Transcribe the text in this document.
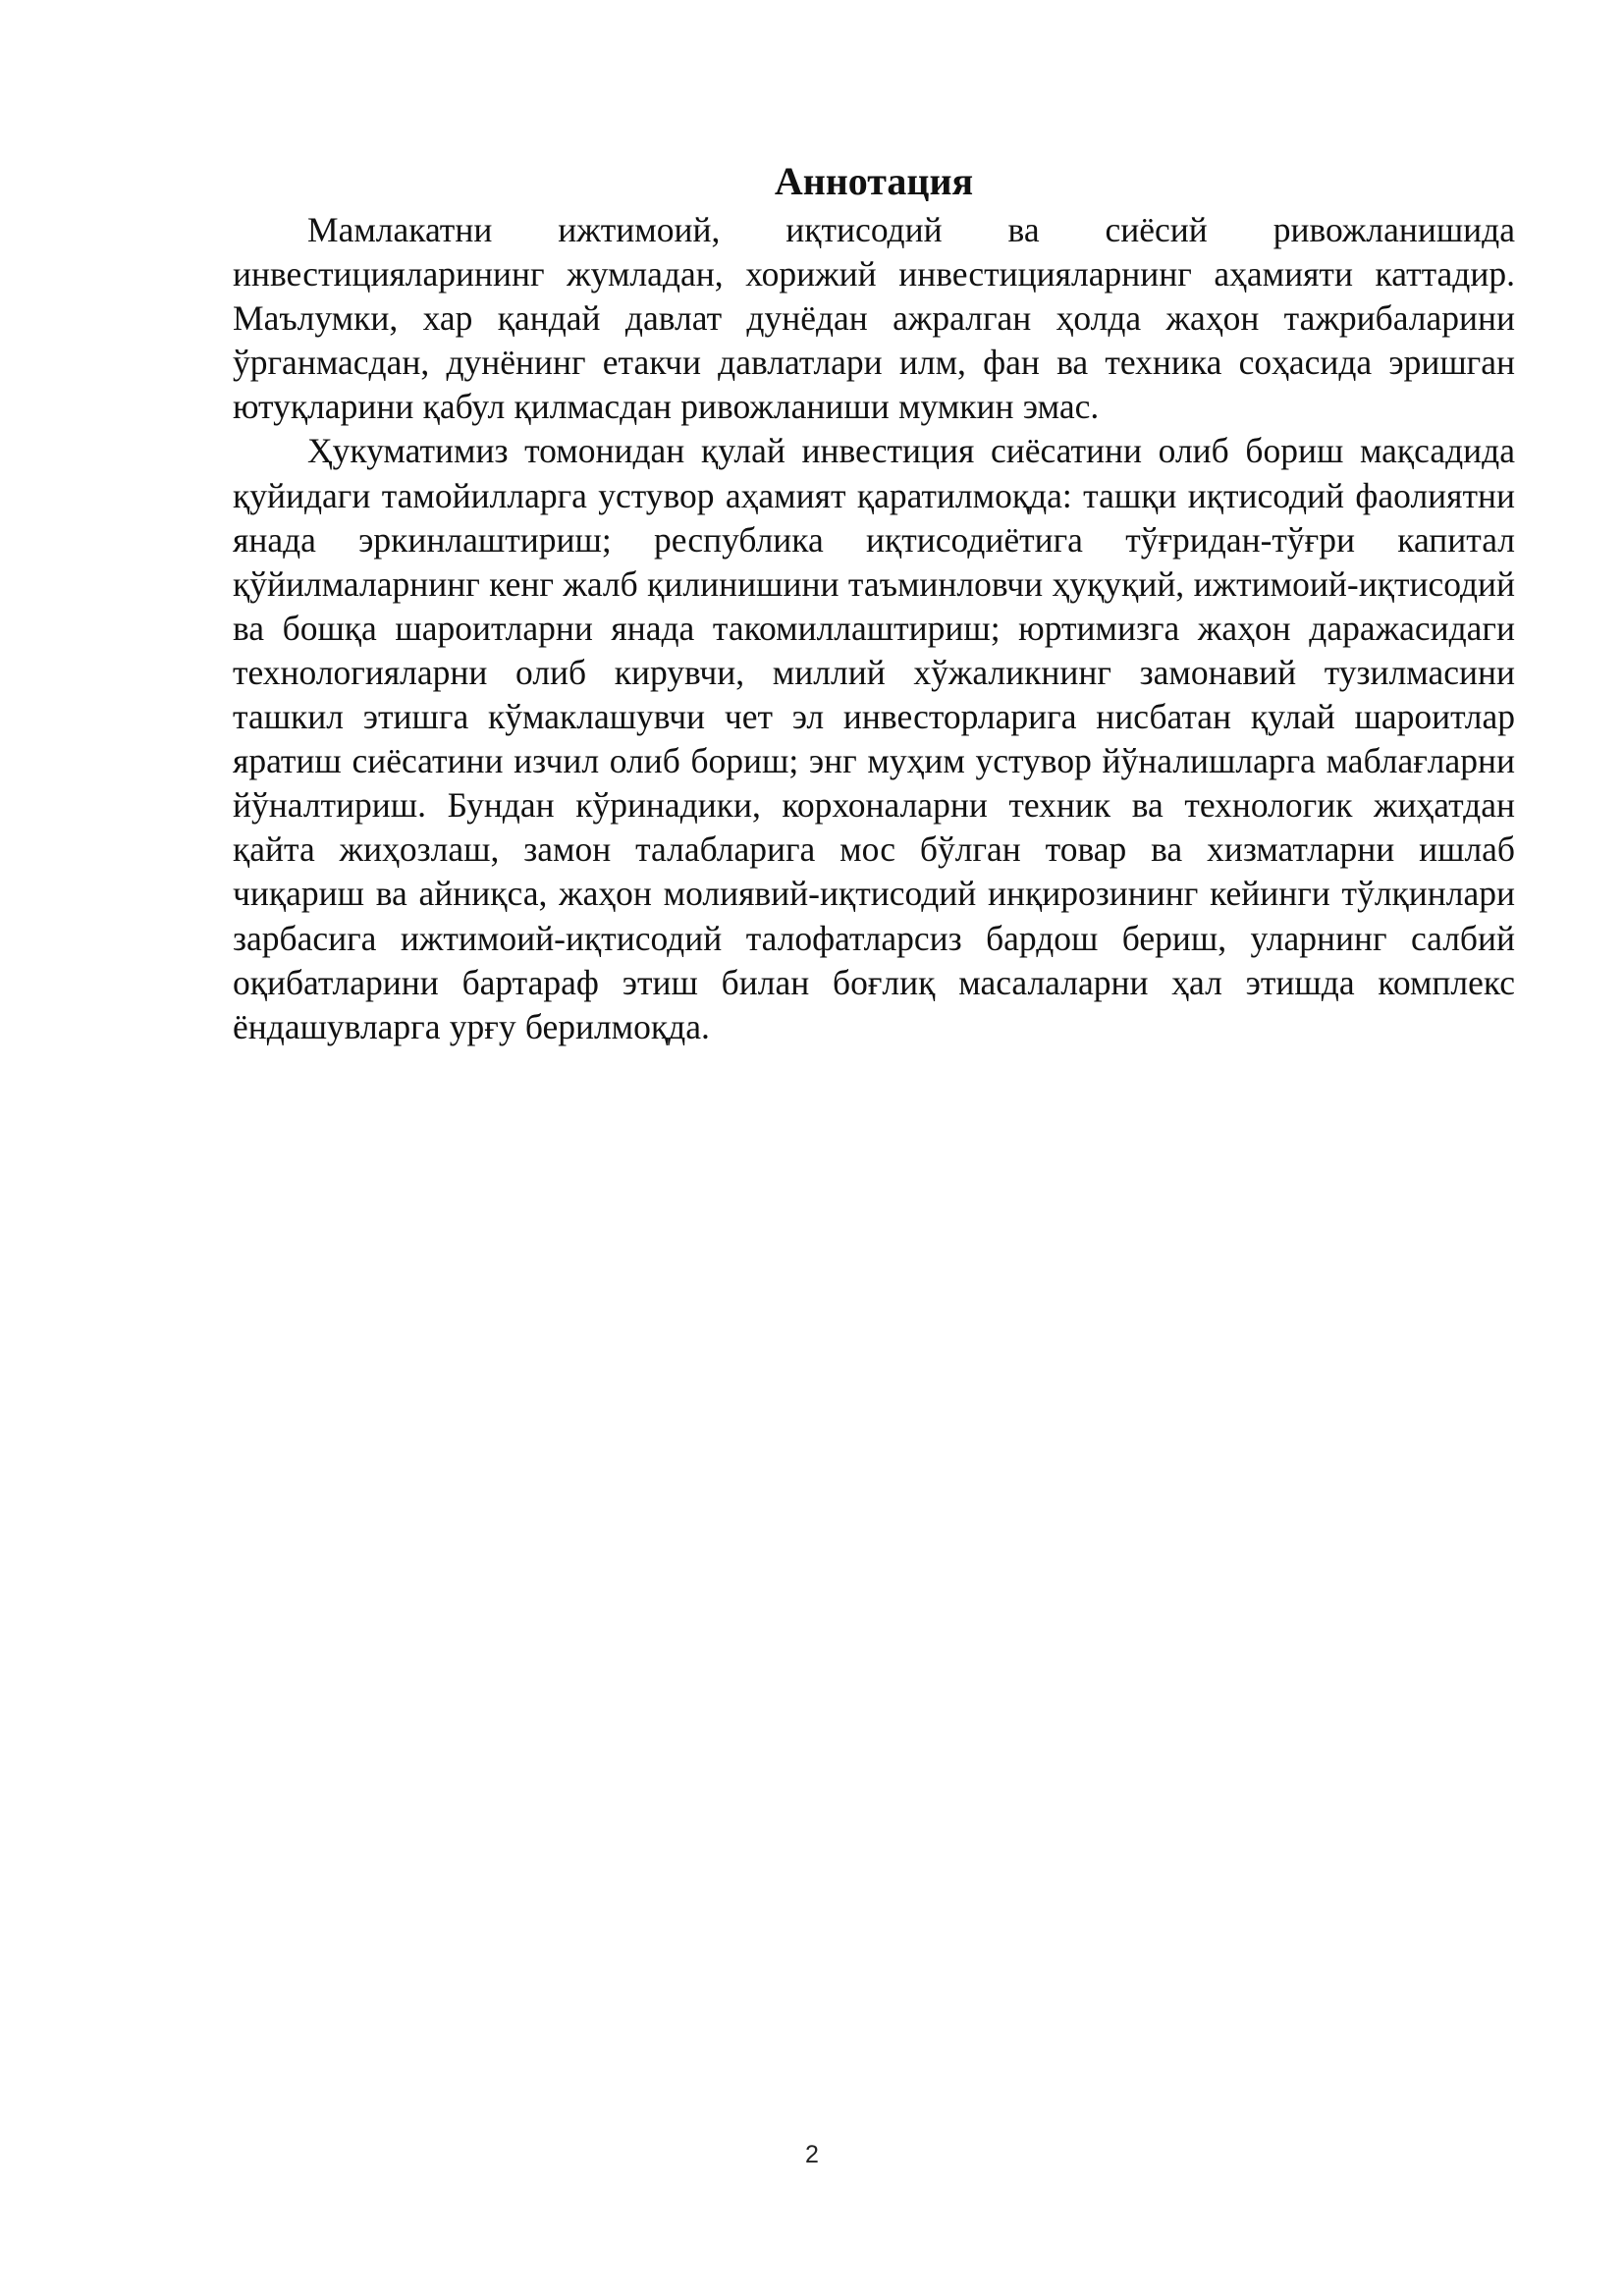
Аннотация

Мамлакатни ижтимоий, иқтисодий ва сиёсий ривожланишида инвестицияларининг жумладан, хорижий инвестицияларнинг аҳамияти каттадир. Маълумки, хар қандай давлат дунёдан ажралган ҳолда жаҳон тажрибаларини ўрганмасдан, дунёнинг етакчи давлатлари илм, фан ва техника соҳасида эришган ютуқларини қабул қилмасдан ривожланиши мумкин эмас.

Ҳукуматимиз томонидан қулай инвестиция сиёсатини олиб бориш мақсадида қуйидаги тамойилларга устувор аҳамият қаратилмоқда: ташқи иқтисодий фаолиятни янада эркинлаштириш; республика иқтисодиётига тўғридан-тўғри капитал қўйилмаларнинг кенг жалб қилинишини таъминловчи ҳуқуқий, ижтимоий-иқтисодий ва бошқа шароитларни янада такомиллаштириш; юртимизга жаҳон даражасидаги технологияларни олиб кирувчи, миллий хўжаликнинг замонавий тузилмасини ташкил этишга кўмаклашувчи чет эл инвесторларига нисбатан қулай шароитлар яратиш сиёсатини изчил олиб бориш; энг муҳим устувор йўналишларга маблағларни йўналтириш. Бундан кўринадики, корхоналарни техник ва технологик жиҳатдан қайта жиҳозлаш, замон талабларига мос бўлган товар ва хизматларни ишлаб чиқариш ва айниқса, жаҳон молиявий-иқтисодий инқирозининг кейинги тўлқинлари зарбасига ижтимоий-иқтисодий талофатларсиз бардош бериш, уларнинг салбий оқибатларини бартараф этиш билан боғлиқ масалаларни ҳал этишда комплекс ёндашувларга урғу берилмоқда.

2
